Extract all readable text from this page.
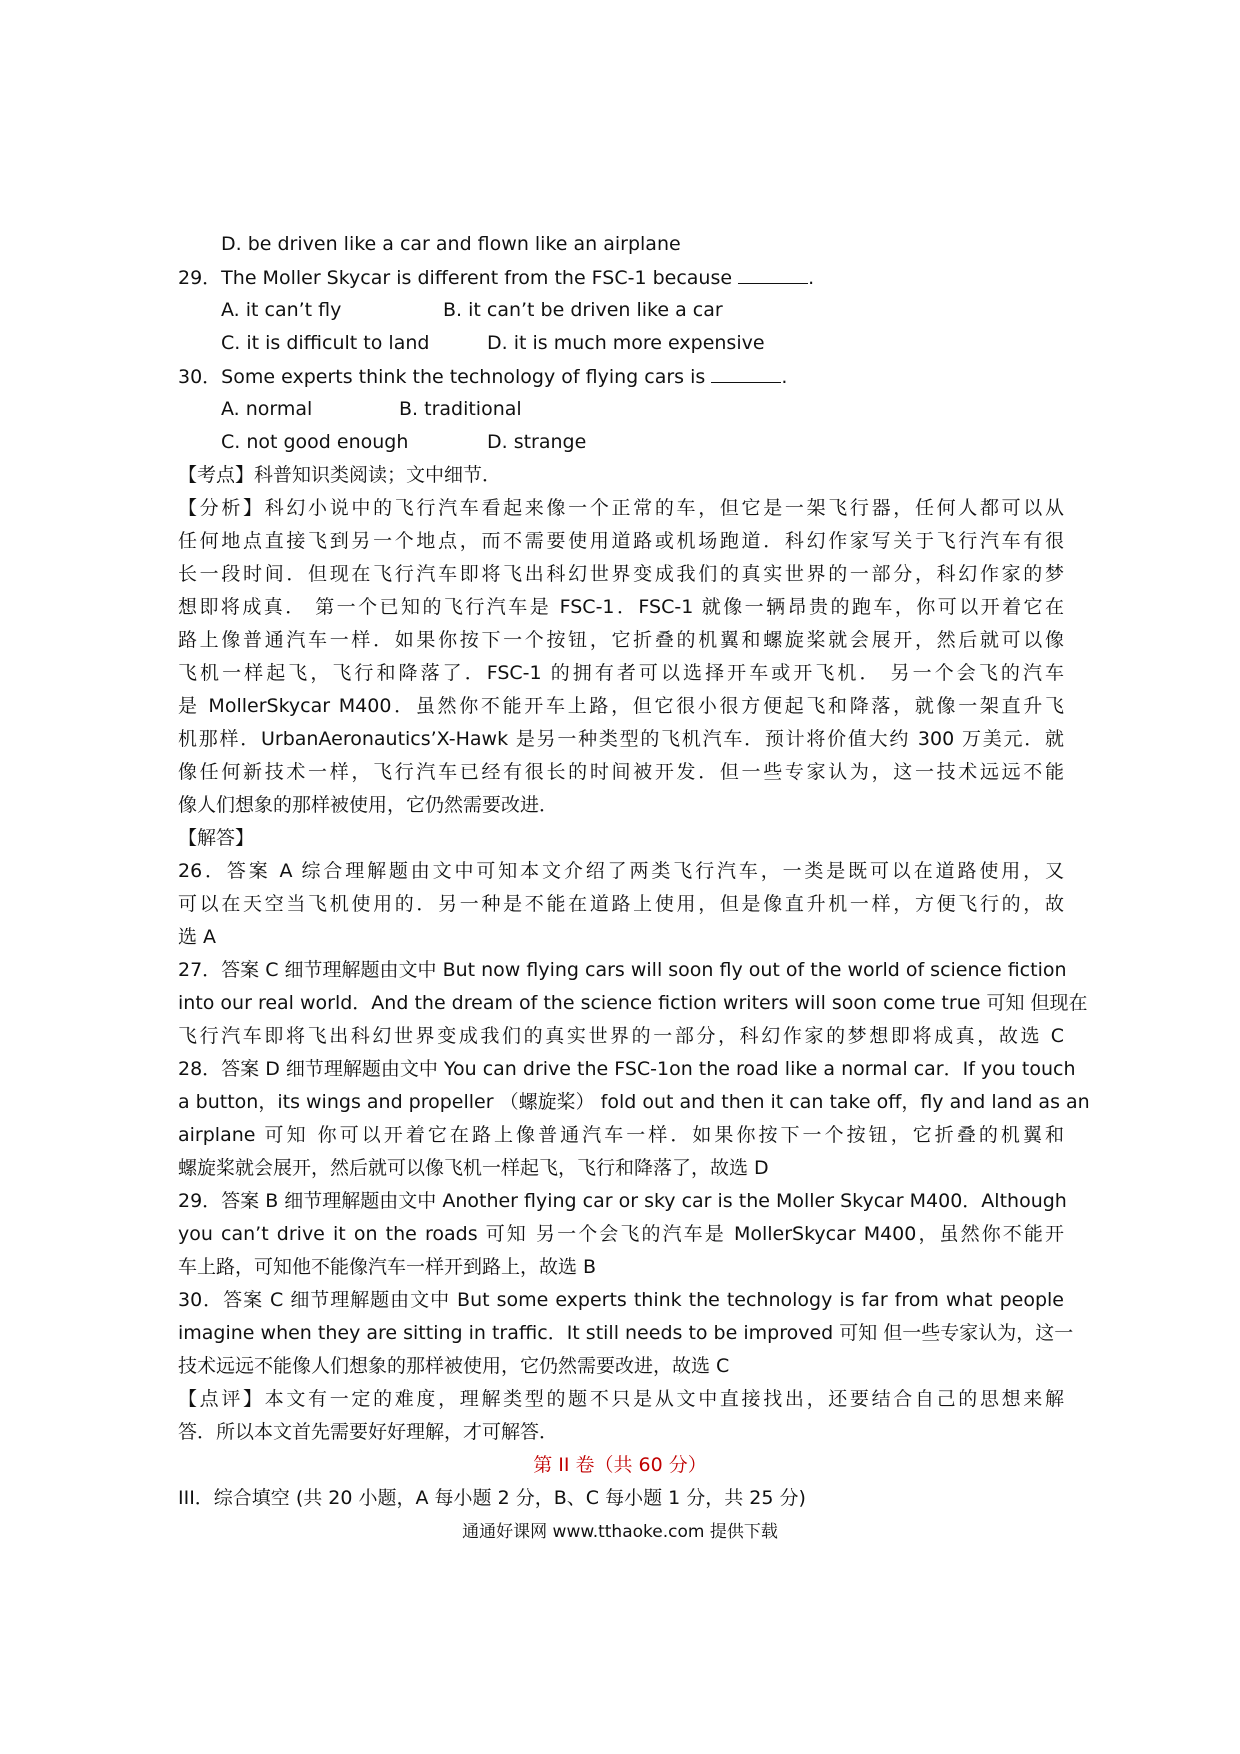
D. be driven like a car and flown like an airplane
29．The Moller Skycar is different from the FSC-1 because	.
A. it can’t fly	B. it can’t be driven like a car
C. it is difficult to land	D. it is much more expensive
30．Some experts think the technology of flying cars is	.
A. normal	B. traditional
C. not good enough	D. strange
【考点】科普知识类阅读；文中细节．
【分析】科幻小说中的飞行汽车看起来像一个正常的车，但它是一架飞行器，任何人都可以从
任何地点直接飞到另一个地点，而不需要使用道路或机场跑道．科幻作家写关于飞行汽车有很
长一段时间．但现在飞行汽车即将飞出科幻世界变成我们的真实世界的一部分，科幻作家的梦
想即将成真． 第一个已知的飞行汽车是 FSC-1．FSC-1 就像一辆昂贵的跑车，你可以开着它在
路上像普通汽车一样．如果你按下一个按钮，它折叠的机翼和螺旋桨就会展开，然后就可以像
飞机一样起飞，飞行和降落了．FSC-1 的拥有者可以选择开车或开飞机． 另一个会飞的汽车
是 MollerSkycar M400．虽然你不能开车上路，但它很小很方便起飞和降落，就像一架直升飞
机那样．UrbanAeronautics’X-Hawk 是另一种类型的飞机汽车．预计将价值大约 300 万美元．就
像任何新技术一样，飞行汽车已经有很长的时间被开发．但一些专家认为，这一技术远远不能
像人们想象的那样被使用，它仍然需要改进．
【解答】
26．答案 A 综合理解题由文中可知本文介绍了两类飞行汽车，一类是既可以在道路使用，又
可以在天空当飞机使用的．另一种是不能在道路上使用，但是像直升机一样，方便飞行的，故
选 A
27．答案 C 细节理解题由文中 But now flying cars will soon fly out of the world of science fiction
into our real world．And the dream of the science fiction writers will soon come true 可知 但现在
飞行汽车即将飞出科幻世界变成我们的真实世界的一部分，科幻作家的梦想即将成真，故选 C
28．答案 D 细节理解题由文中 You can drive the FSC-1on the road like a normal car．If you touch
a button，its wings and propeller （螺旋桨） fold out and then it can take off，fly and land as an
airplane 可知 你可以开着它在路上像普通汽车一样．如果你按下一个按钮，它折叠的机翼和
螺旋桨就会展开，然后就可以像飞机一样起飞，飞行和降落了，故选 D
29．答案 B 细节理解题由文中 Another flying car or sky car is the Moller Skycar M400．Although
you can’t drive it on the roads 可知 另一个会飞的汽车是 MollerSkycar M400，虽然你不能开
车上路，可知他不能像汽车一样开到路上，故选 B
30．答案 C 细节理解题由文中 But some experts think the technology is far from what people
imagine when they are sitting in traffic．It still needs to be improved 可知 但一些专家认为，这一
技术远远不能像人们想象的那样被使用，它仍然需要改进，故选 C
【点评】本文有一定的难度，理解类型的题不只是从文中直接找出，还要结合自己的思想来解
答．所以本文首先需要好好理解，才可解答．
第 II 卷（共 60 分）
III．综合填空 (共 20 小题，A 每小题 2 分，B、C 每小题 1 分，共 25 分)
通通好课网 www.tthaoke.com 提供下载
